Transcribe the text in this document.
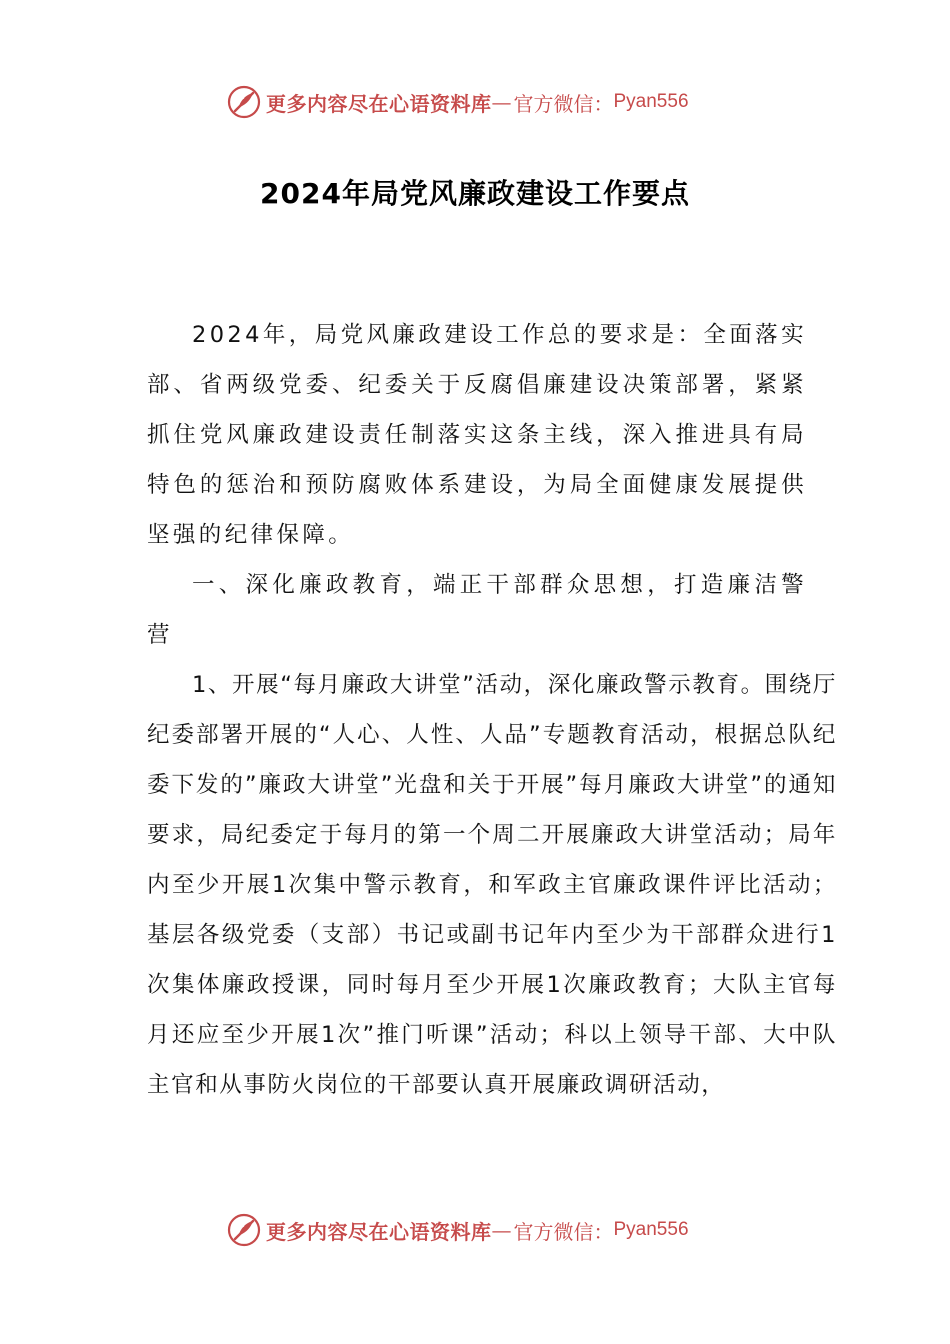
更多内容尽在心语资料库 — 官方微信： Pyan556
2024年局党风廉政建设工作要点

2024年，局党风廉政建设工作总的要求是：全面落实部、省两级党委、纪委关于反腐倡廉建设决策部署，紧紧抓住党风廉政建设责任制落实这条主线，深入推进具有局特色的惩治和预防腐败体系建设，为局全面健康发展提供坚强的纪律保障。

一、深化廉政教育，端正干部群众思想，打造廉洁警营

1、开展“每月廉政大讲堂”活动，深化廉政警示教育。围绕厅纪委部署开展的“人心、人性、人品”专题教育活动，根据总队纪委下发的”廉政大讲堂”光盘和关于开展”每月廉政大讲堂”的通知要求，局纪委定于每月的第一个周二开展廉政大讲堂活动；局年内至少开展1次集中警示教育，和军政主官廉政课件评比活动；基层各级党委（支部）书记或副书记年内至少为干部群众进行1次集体廉政授课，同时每月至少开展1次廉政教育；大队主官每月还应至少开展1次”推门听课”活动；科以上领导干部、大中队主官和从事防火岗位的干部要认真开展廉政调研活动，

更多内容尽在心语资料库 — 官方微信： Pyan556
